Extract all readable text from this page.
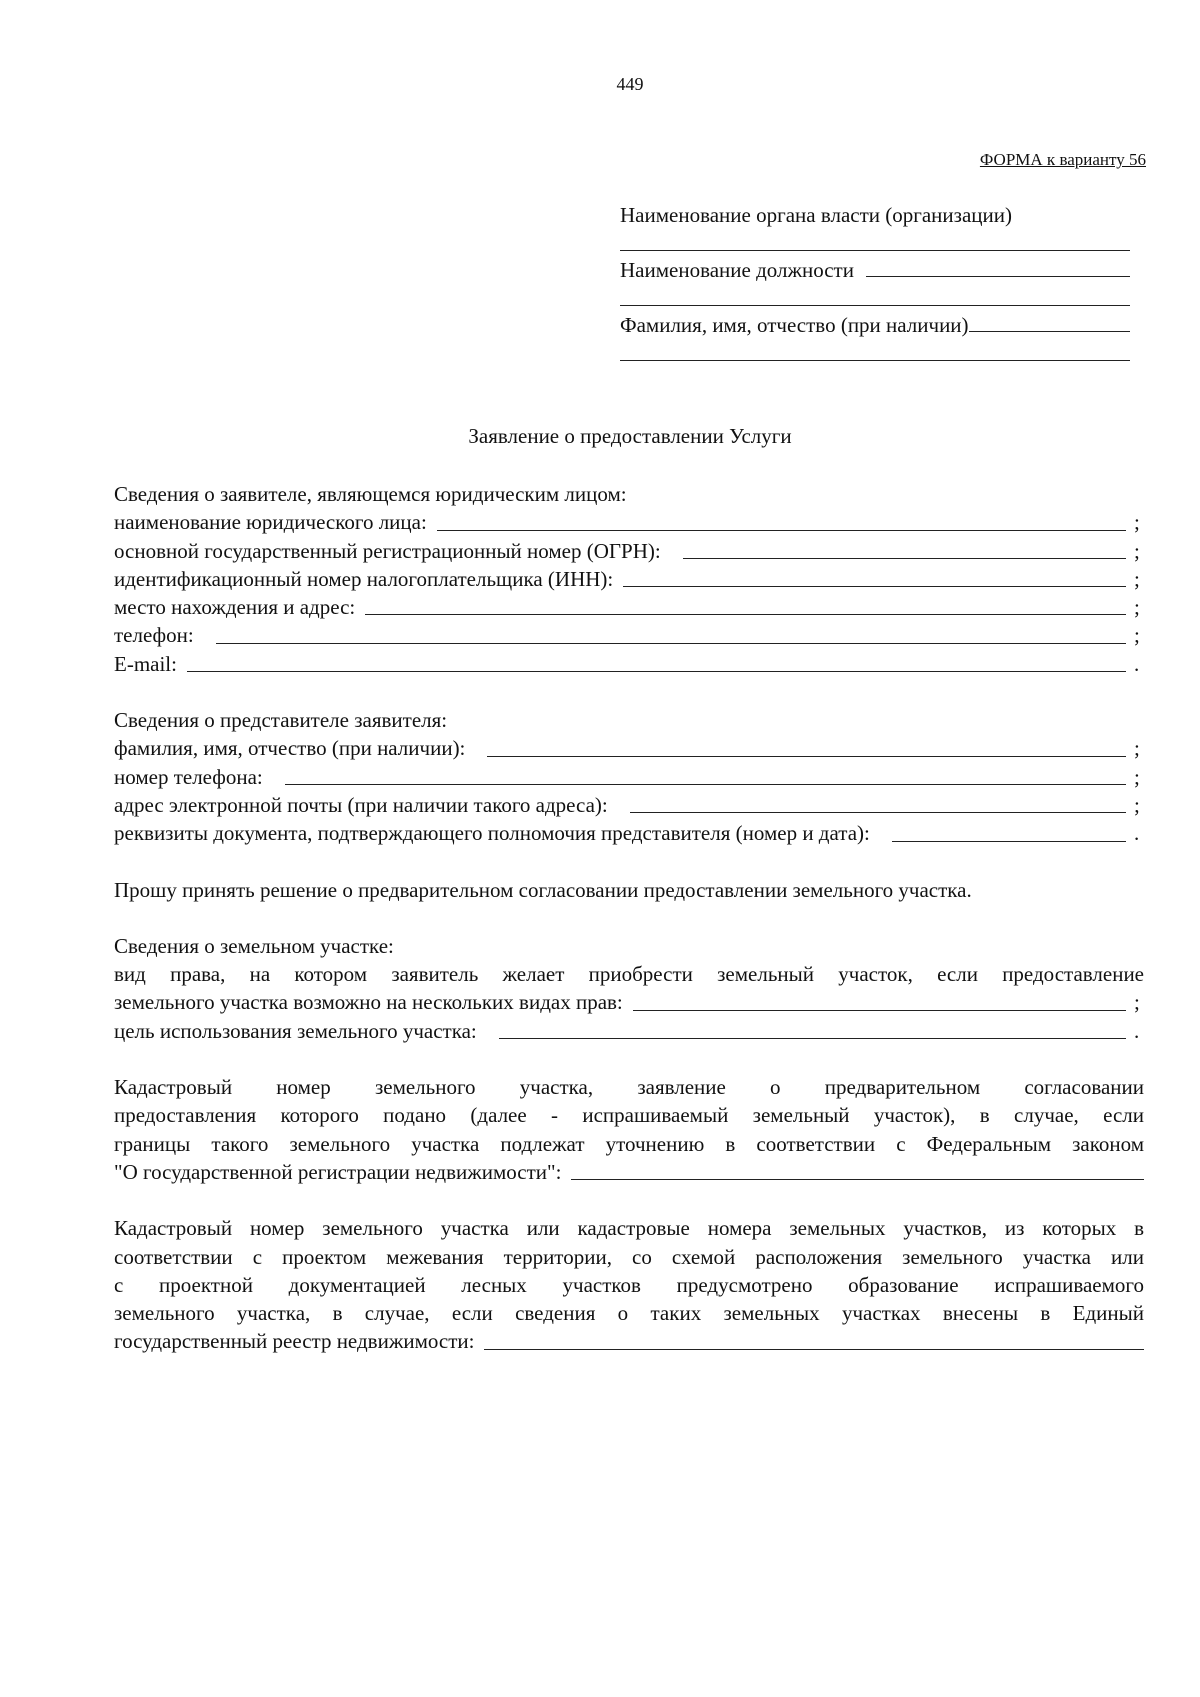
449
ФОРМА к варианту 56
Наименование органа власти (организации)
Наименование должности
Фамилия, имя, отчество (при наличии)
Заявление о предоставлении Услуги
Сведения о заявителе, являющемся юридическим лицом:
наименование юридического лица:	;
основной государственный регистрационный номер (ОГРН):	;
идентификационный номер налогоплательщика (ИНН):	;
место нахождения и адрес:	;
телефон:	;
E-mail:	.
Сведения о представителе заявителя:
фамилия, имя, отчество (при наличии):	;
номер телефона:	;
адрес электронной почты (при наличии такого адреса):	;
реквизиты документа, подтверждающего полномочия представителя (номер и дата):	.
Прошу принять решение о предварительном согласовании предоставлении земельного участка.
Сведения о земельном участке:
вид права, на котором заявитель желает приобрести земельный участок, если предоставление
земельного участка возможно на нескольких видах прав:	;
цель использования земельного участка:	.
Кадастровый номер земельного участка, заявление о предварительном согласовании
предоставления которого подано (далее - испрашиваемый земельный участок), в случае, если
границы такого земельного участка подлежат уточнению в соответствии с Федеральным законом
"О государственной регистрации недвижимости":
Кадастровый номер земельного участка или кадастровые номера земельных участков, из которых в
соответствии с проектом межевания территории, со схемой расположения земельного участка или
с проектной документацией лесных участков предусмотрено образование испрашиваемого
земельного участка, в случае, если сведения о таких земельных участках внесены в Единый
государственный реестр недвижимости:
